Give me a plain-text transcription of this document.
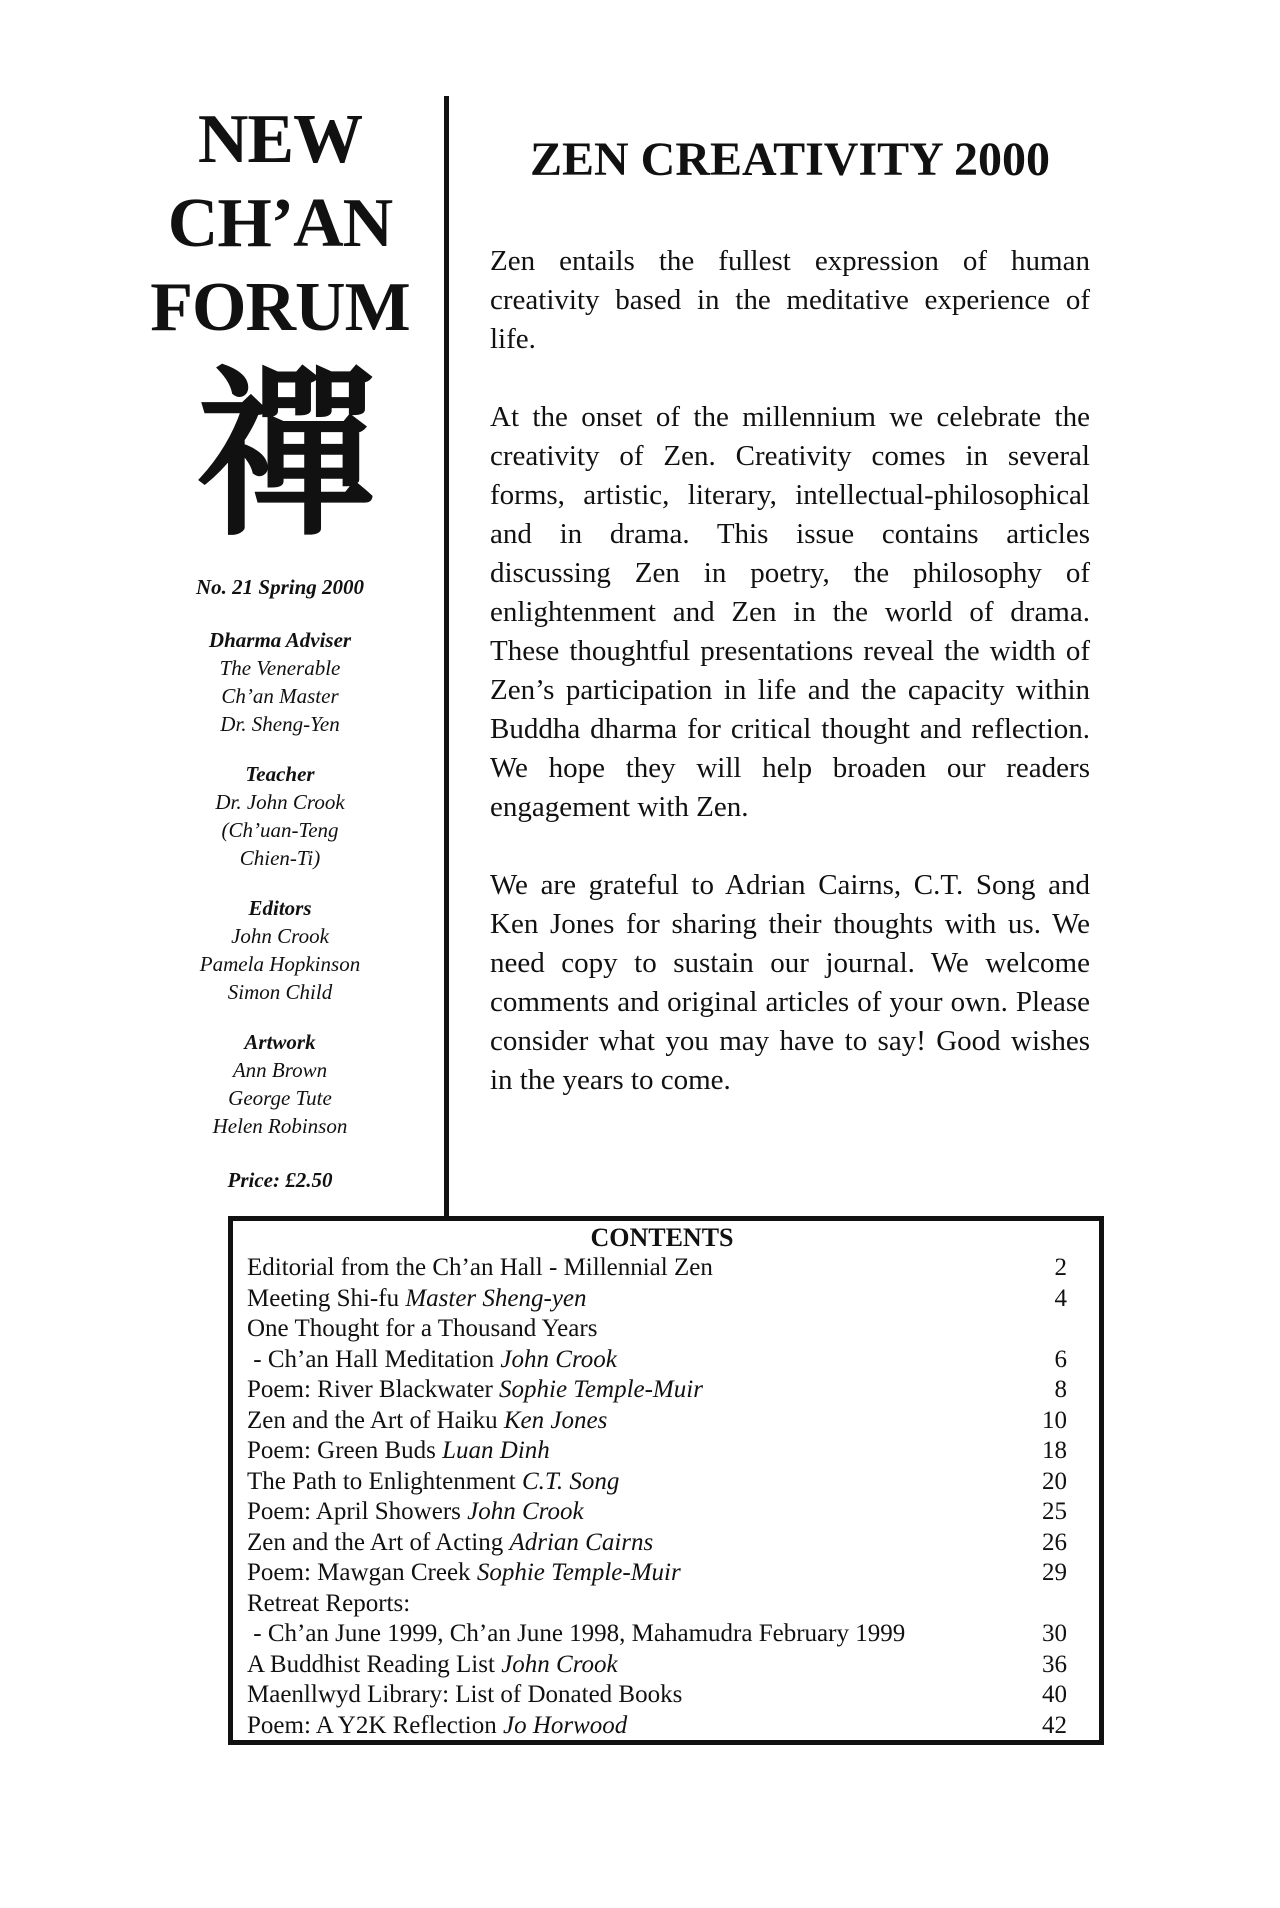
NEW
CH’AN
FORUM
禪
No. 21 Spring 2000
Dharma Adviser
The Venerable
Ch’an Master
Dr. Sheng-Yen
Teacher
Dr. John Crook
(Ch’uan-Teng
Chien-Ti)
Editors
John Crook
Pamela Hopkinson
Simon Child
Artwork
Ann Brown
George Tute
Helen Robinson
Price: £2.50
ZEN CREATIVITY 2000

Zen entails the fullest expression of human creativity based in the meditative experience of life.

At the onset of the millennium we celebrate the creativity of Zen. Creativity comes in several forms, artistic, literary, intellectual-philosophical and in drama. This issue contains articles discussing Zen in poetry, the philosophy of enlightenment and Zen in the world of drama. These thoughtful presentations reveal the width of Zen’s participation in life and the capacity within Buddha dharma for critical thought and reflection. We hope they will help broaden our readers engagement with Zen.

We are grateful to Adrian Cairns, C.T. Song and Ken Jones for sharing their thoughts with us. We need copy to sustain our journal. We welcome comments and original articles of your own. Please consider what you may have to say! Good wishes in the years to come.

CONTENTS
Editorial from the Ch’an Hall - Millennial Zen	2
Meeting Shi-fu Master Sheng-yen	4
One Thought for a Thousand Years
- Ch’an Hall Meditation John Crook	6
Poem: River Blackwater Sophie Temple-Muir	8
Zen and the Art of Haiku Ken Jones	10
Poem: Green Buds Luan Dinh	18
The Path to Enlightenment C.T. Song	20
Poem: April Showers John Crook	25
Zen and the Art of Acting Adrian Cairns	26
Poem: Mawgan Creek Sophie Temple-Muir	29
Retreat Reports:
- Ch’an June 1999, Ch’an June 1998, Mahamudra February 1999	30
A Buddhist Reading List John Crook	36
Maenllwyd Library: List of Donated Books	40
Poem: A Y2K Reflection Jo Horwood	42
